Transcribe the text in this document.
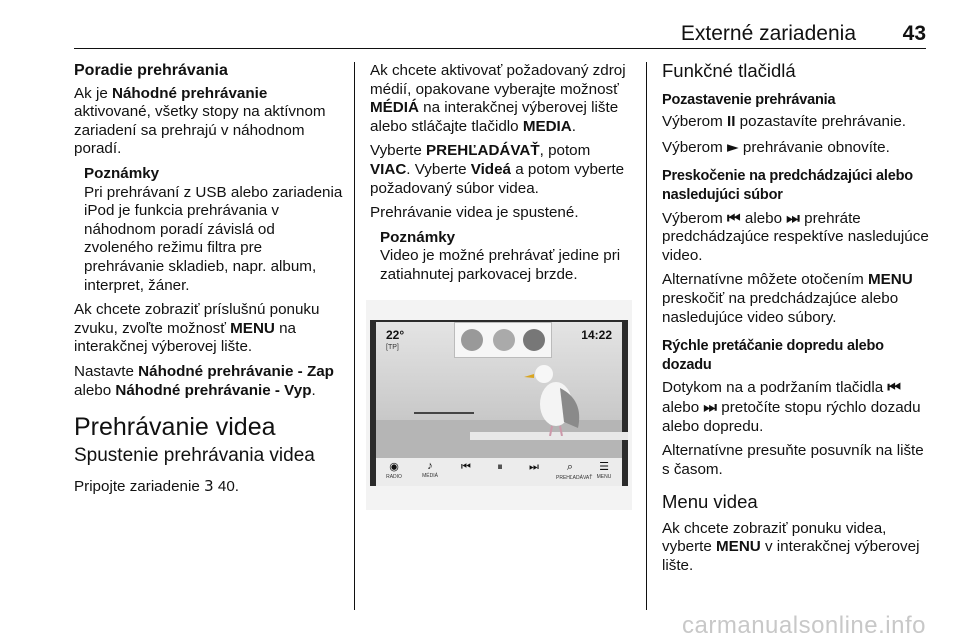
Externé zariadenia 43
Poradie prehrávania

Ak je Náhodné prehrávanie aktivované, všetky stopy na aktívnom zariadení sa prehrajú v náhodnom poradí.

Poznámky
Pri prehrávaní z USB alebo zariadenia iPod je funkcia prehrávania v náhodnom poradí závislá od zvoleného režimu filtra pre prehrávanie skladieb, napr. album, interpret, žáner.

Ak chcete zobraziť príslušnú ponuku zvuku, zvoľte možnosť MENU na interakčnej výberovej lište.

Nastavte Náhodné prehrávanie - Zap alebo Náhodné prehrávanie - Vyp.

Prehrávanie videa
Spustenie prehrávania videa

Pripojte zariadenie 3 40.

Ak chcete aktivovať požadovaný zdroj médií, opakovane vyberajte možnosť MÉDIÁ na interakčnej výberovej lište alebo stláčajte tlačidlo MEDIA.

Vyberte PREHĽADÁVAŤ, potom VIAC. Vyberte Videá a potom vyberte požadovaný súbor videa.

Prehrávanie videa je spustené.

Poznámky
Video je možné prehrávať jedine pri zatiahnutej parkovacej brzde.
22°
[TP]
14:22
◉
RADIO
♪
MÉDIÁ
⏮	⏸	⏭	⌕
PREHĽADÁVAŤ
☰
MENU
Funkčné tlačidlá
Pozastavenie prehrávania

Výberom II pozastavíte prehrávanie.

Výberom ► prehrávanie obnovíte.

Preskočenie na predchádzajúci alebo nasledujúci súbor

Výberom ⏮ alebo ⏭ prehráte predchádzajúce respektíve nasledujúce video.

Alternatívne môžete otočením MENU preskočiť na predchádzajúce alebo nasledujúce video súbory.

Rýchle pretáčanie dopredu alebo dozadu

Dotykom na a podržaním tlačidla ⏮ alebo ⏭ pretočíte stopu rýchlo dozadu alebo dopredu.

Alternatívne presuňte posuvník na lište s časom.

Menu videa

Ak chcete zobraziť ponuku videa, vyberte MENU v interakčnej výberovej lište.

carmanualsonline.info
